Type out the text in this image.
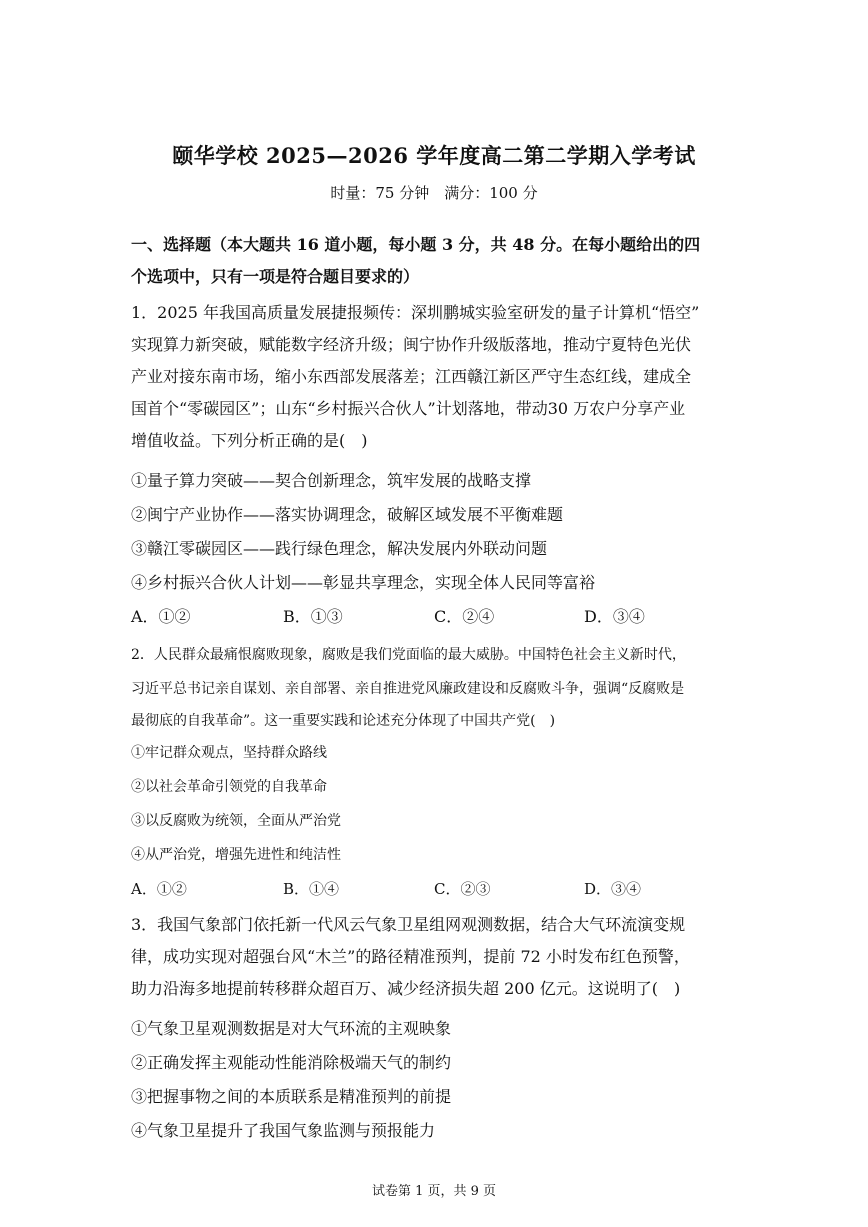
颐华学校 2025—2026 学年度高二第二学期入学考试
时量：75 分钟　满分：100 分
一、选择题（本大题共 16 道小题，每小题 3 分，共 48 分。在每小题给出的四
个选项中，只有一项是符合题目要求的）
1．2025 年我国高质量发展捷报频传：深圳鹏城实验室研发的量子计算机“悟空”
实现算力新突破，赋能数字经济升级；闽宁协作升级版落地，推动宁夏特色光伏
产业对接东南市场，缩小东西部发展落差；江西赣江新区严守生态红线，建成全
国首个“零碳园区”；山东“乡村振兴合伙人”计划落地，带动30 万农户分享产业
增值收益。下列分析正确的是(　)
①量子算力突破——契合创新理念，筑牢发展的战略支撑
②闽宁产业协作——落实协调理念，破解区域发展不平衡难题
③赣江零碳园区——践行绿色理念，解决发展内外联动问题
④乡村振兴合伙人计划——彰显共享理念，实现全体人民同等富裕
A．①②	B．①③	C．②④	D．③④
2．人民群众最痛恨腐败现象，腐败是我们党面临的最大威胁。中国特色社会主义新时代，
习近平总书记亲自谋划、亲自部署、亲自推进党风廉政建设和反腐败斗争，强调“反腐败是
最彻底的自我革命”。这一重要实践和论述充分体现了中国共产党(　)
①牢记群众观点，坚持群众路线
②以社会革命引领党的自我革命
③以反腐败为统领，全面从严治党
④从严治党，增强先进性和纯洁性
A．①②	B．①④	C．②③	D．③④
3．我国气象部门依托新一代风云气象卫星组网观测数据，结合大气环流演变规
律，成功实现对超强台风“木兰”的路径精准预判，提前 72 小时发布红色预警，
助力沿海多地提前转移群众超百万、减少经济损失超 200 亿元。这说明了(　)
①气象卫星观测数据是对大气环流的主观映象
②正确发挥主观能动性能消除极端天气的制约
③把握事物之间的本质联系是精准预判的前提
④气象卫星提升了我国气象监测与预报能力
试卷第 1 页，共 9 页
